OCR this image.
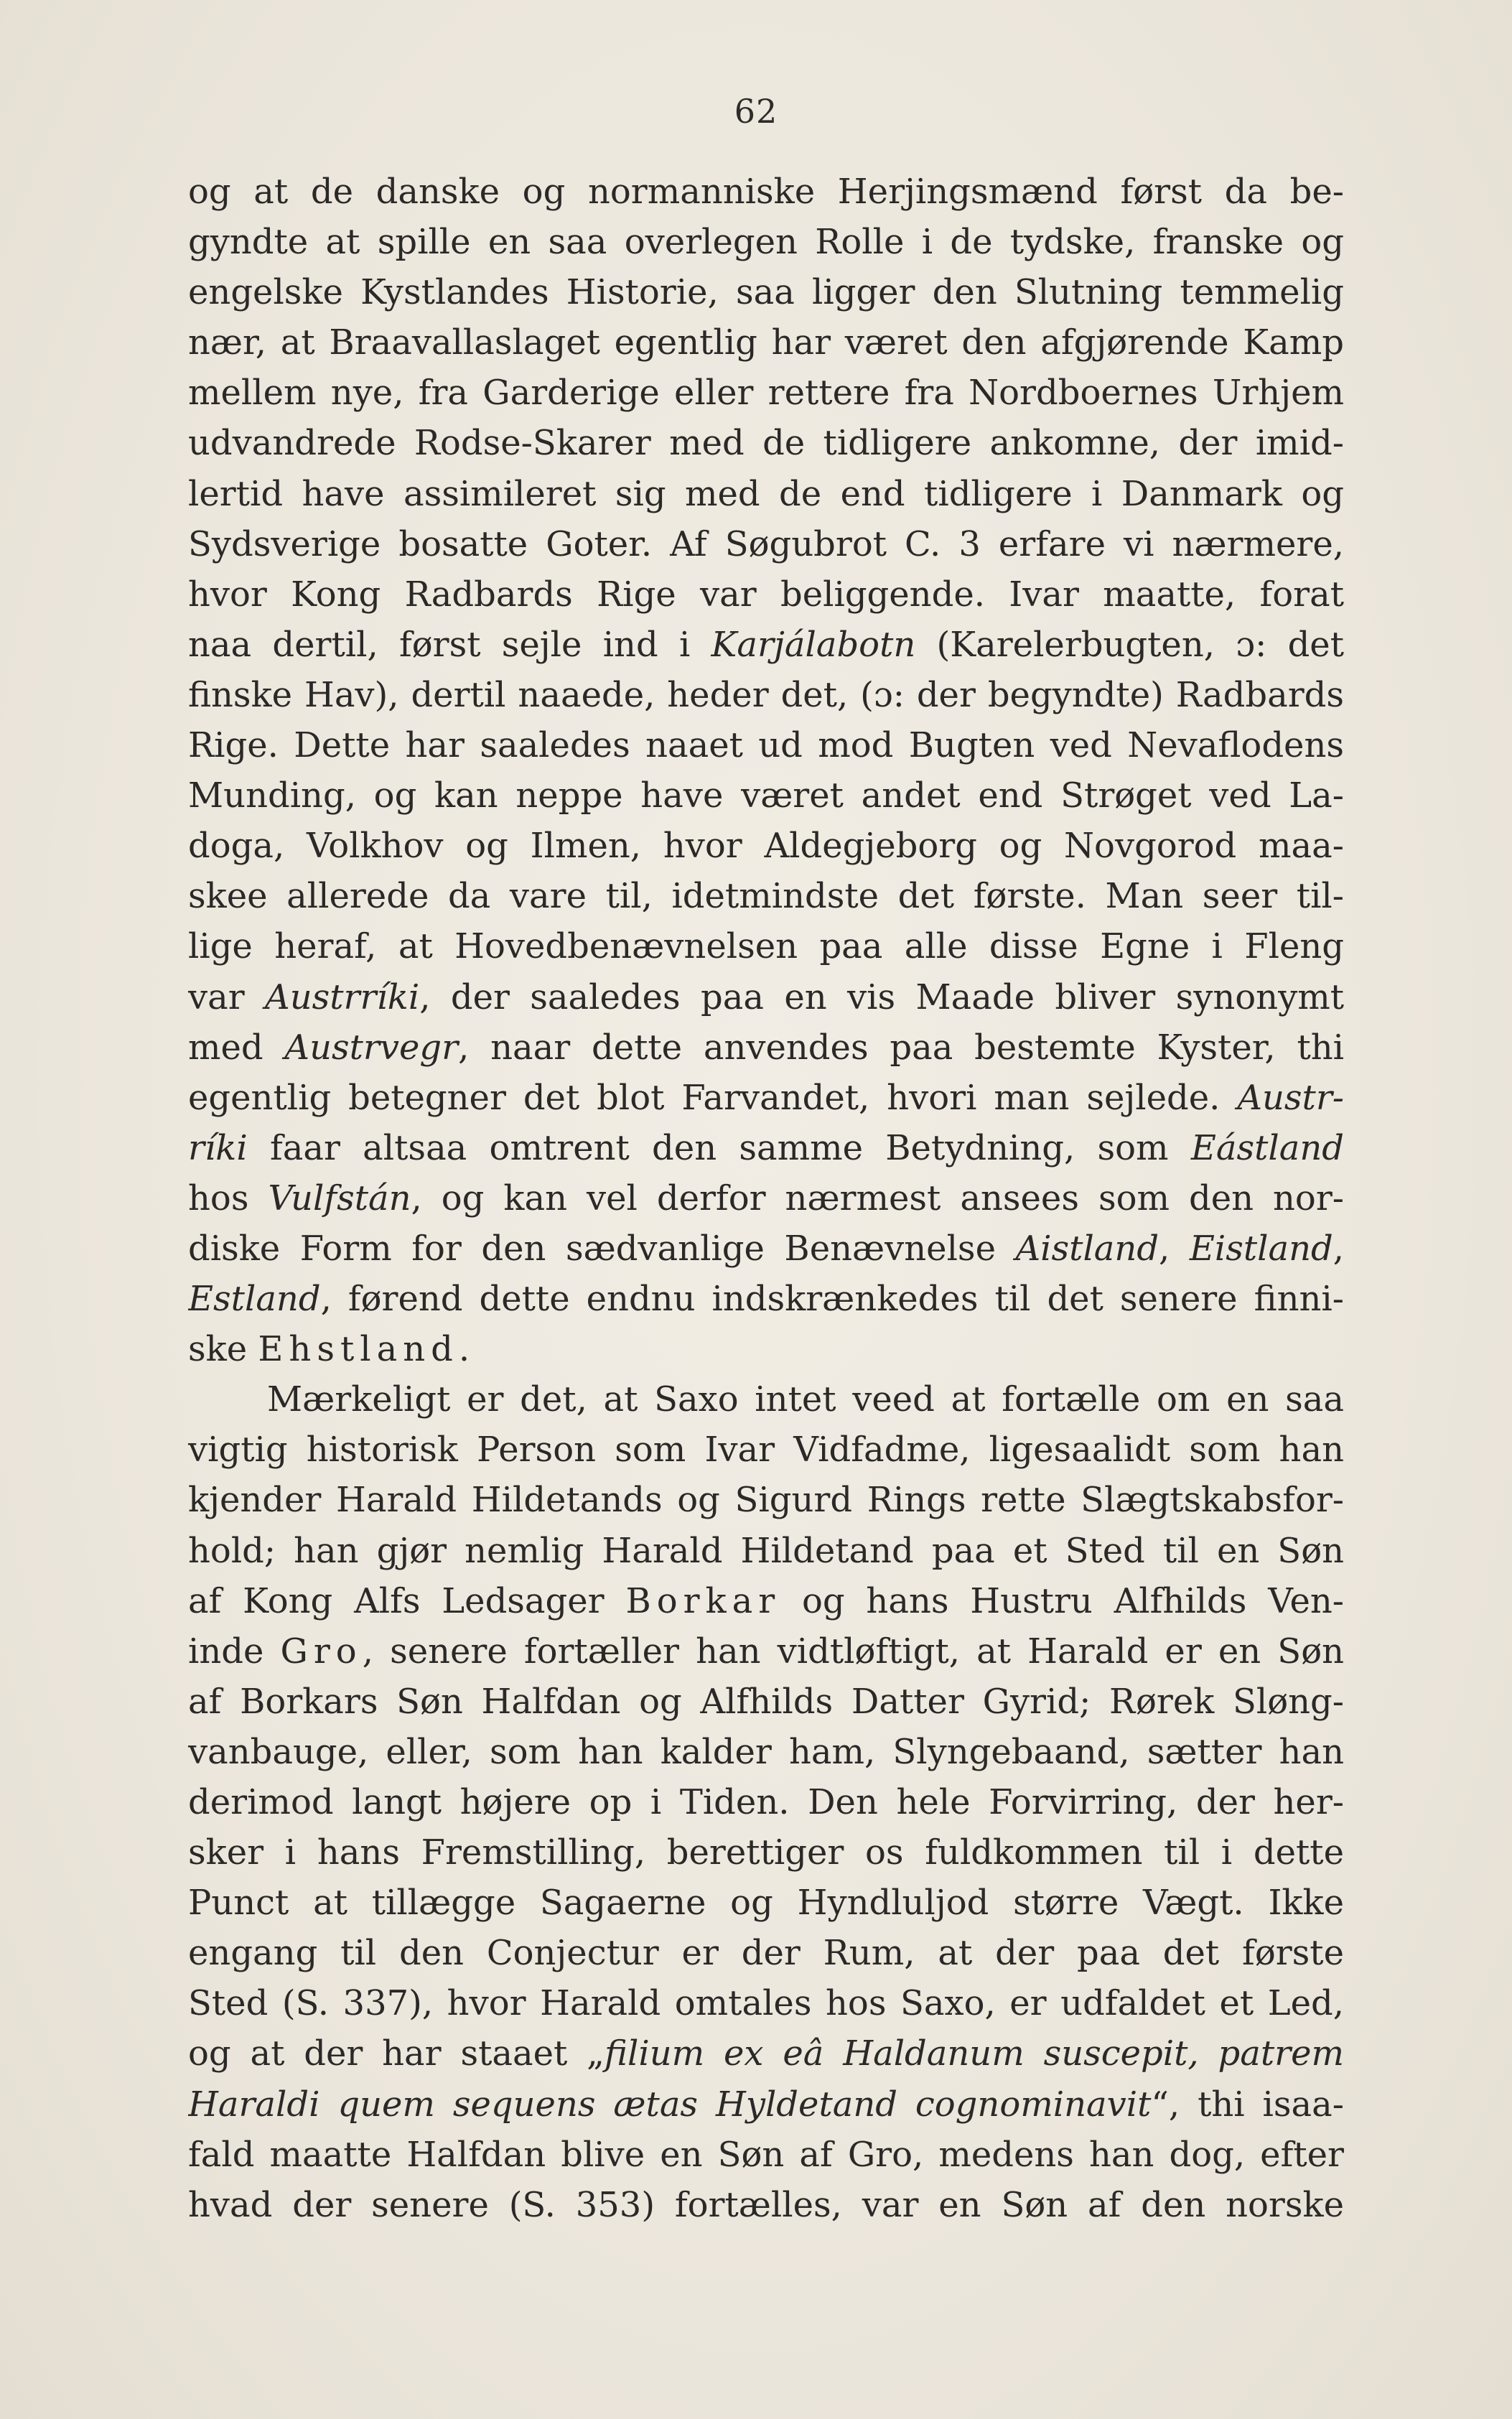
62
og at de danske og normanniske Herjingsmænd først da be-
gyndte at spille en saa overlegen Rolle i de tydske, franske og
engelske Kystlandes Historie, saa ligger den Slutning temmelig
nær, at Braavallaslaget egentlig har været den afgjørende Kamp
mellem nye, fra Garderige eller rettere fra Nordboernes Urhjem
udvandrede Rodse-Skarer med de tidligere ankomne, der imid-
lertid have assimileret sig med de end tidligere i Danmark og
Sydsverige bosatte Goter. Af Søgubrot C. 3 erfare vi nærmere,
hvor Kong Radbards Rige var beliggende. Ivar maatte, forat
naa dertil, først sejle ind i Karjálabotn (Karelerbugten, ɔ: det
finske Hav), dertil naaede, heder det, (ɔ: der begyndte) Radbards
Rige. Dette har saaledes naaet ud mod Bugten ved Nevaflodens
Munding, og kan neppe have været andet end Strøget ved La-
doga, Volkhov og Ilmen, hvor Aldegjeborg og Novgorod maa-
skee allerede da vare til, idetmindste det første. Man seer til-
lige heraf, at Hovedbenævnelsen paa alle disse Egne i Fleng
var Austrríki, der saaledes paa en vis Maade bliver synonymt
med Austrvegr, naar dette anvendes paa bestemte Kyster, thi
egentlig betegner det blot Farvandet, hvori man sejlede. Austr-
ríki faar altsaa omtrent den samme Betydning, som Eástland
hos Vulfstán, og kan vel derfor nærmest ansees som den nor-
diske Form for den sædvanlige Benævnelse Aistland, Eistland,
Estland, førend dette endnu indskrænkedes til det senere finni-
ske Ehstland.
Mærkeligt er det, at Saxo intet veed at fortælle om en saa
vigtig historisk Person som Ivar Vidfadme, ligesaalidt som han
kjender Harald Hildetands og Sigurd Rings rette Slægtskabsfor-
hold; han gjør nemlig Harald Hildetand paa et Sted til en Søn
af Kong Alfs Ledsager Borkar og hans Hustru Alfhilds Ven-
inde Gro, senere fortæller han vidtløftigt, at Harald er en Søn
af Borkars Søn Halfdan og Alfhilds Datter Gyrid; Rørek Sløng-
vanbauge, eller, som han kalder ham, Slyngebaand, sætter han
derimod langt højere op i Tiden. Den hele Forvirring, der her-
sker i hans Fremstilling, berettiger os fuldkommen til i dette
Punct at tillægge Sagaerne og Hyndluljod større Vægt. Ikke
engang til den Conjectur er der Rum, at der paa det første
Sted (S. 337), hvor Harald omtales hos Saxo, er udfaldet et Led,
og at der har staaet „filium ex eâ Haldanum suscepit, patrem
Haraldi quem sequens ætas Hyldetand cognominavit“, thi isaa-
fald maatte Halfdan blive en Søn af Gro, medens han dog, efter
hvad der senere (S. 353) fortælles, var en Søn af den norske
